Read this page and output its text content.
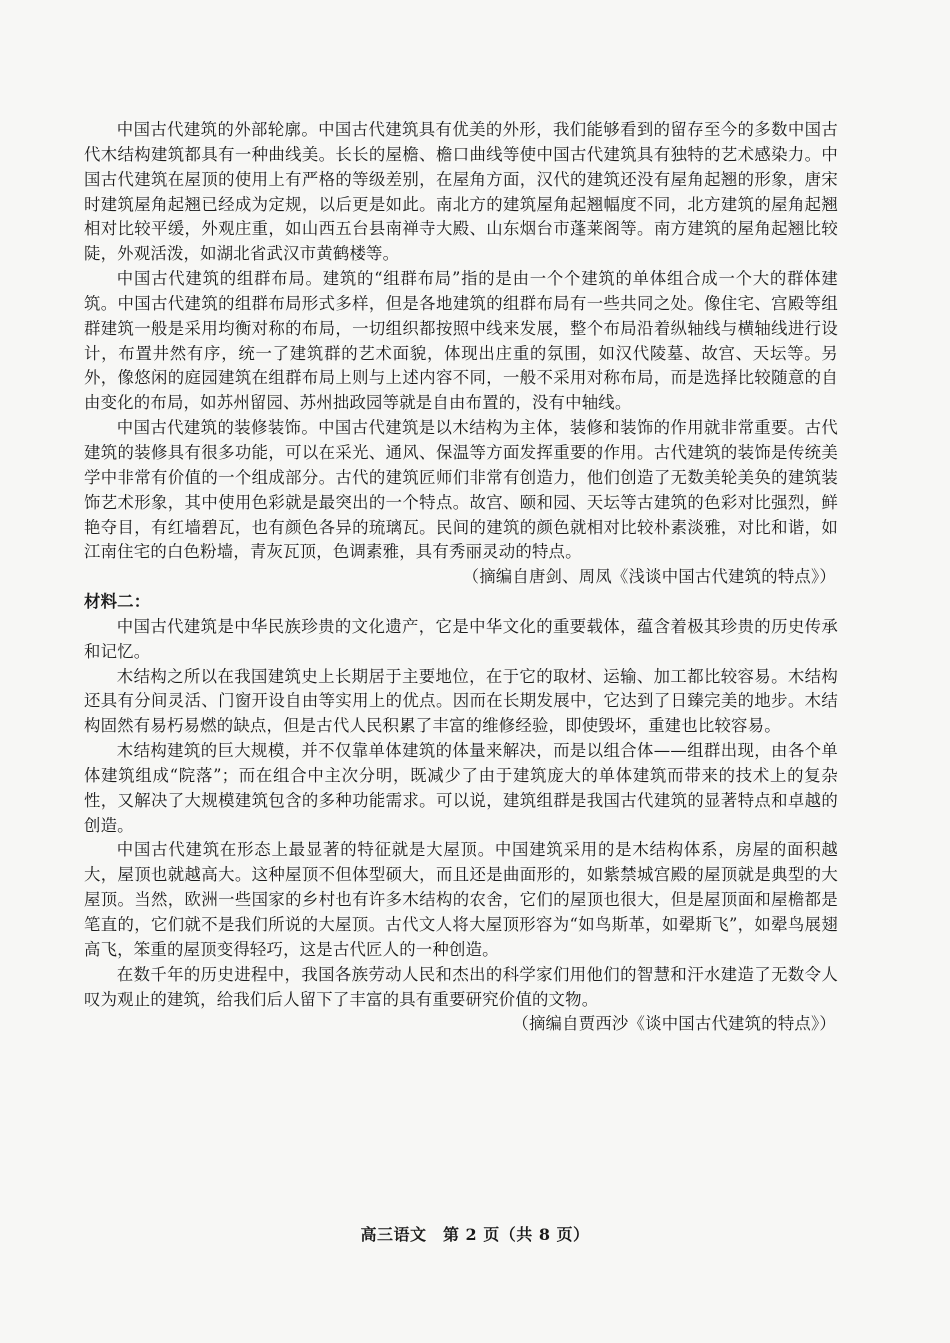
中国古代建筑的外部轮廓。中国古代建筑具有优美的外形，我们能够看到的留存至今的多数中国古代木结构建筑都具有一种曲线美。长长的屋檐、檐口曲线等使中国古代建筑具有独特的艺术感染力。中国古代建筑在屋顶的使用上有严格的等级差别，在屋角方面，汉代的建筑还没有屋角起翘的形象，唐宋时建筑屋角起翘已经成为定规，以后更是如此。南北方的建筑屋角起翘幅度不同，北方建筑的屋角起翘相对比较平缓，外观庄重，如山西五台县南禅寺大殿、山东烟台市蓬莱阁等。南方建筑的屋角起翘比较陡，外观活泼，如湖北省武汉市黄鹤楼等。

中国古代建筑的组群布局。建筑的“组群布局”指的是由一个个建筑的单体组合成一个大的群体建筑。中国古代建筑的组群布局形式多样，但是各地建筑的组群布局有一些共同之处。像住宅、宫殿等组群建筑一般是采用均衡对称的布局，一切组织都按照中线来发展，整个布局沿着纵轴线与横轴线进行设计，布置井然有序，统一了建筑群的艺术面貌，体现出庄重的氛围，如汉代陵墓、故宫、天坛等。另外，像悠闲的庭园建筑在组群布局上则与上述内容不同，一般不采用对称布局，而是选择比较随意的自由变化的布局，如苏州留园、苏州拙政园等就是自由布置的，没有中轴线。

中国古代建筑的装修装饰。中国古代建筑是以木结构为主体，装修和装饰的作用就非常重要。古代建筑的装修具有很多功能，可以在采光、通风、保温等方面发挥重要的作用。古代建筑的装饰是传统美学中非常有价值的一个组成部分。古代的建筑匠师们非常有创造力，他们创造了无数美轮美奂的建筑装饰艺术形象，其中使用色彩就是最突出的一个特点。故宫、颐和园、天坛等古建筑的色彩对比强烈，鲜艳夺目，有红墙碧瓦，也有颜色各异的琉璃瓦。民间的建筑的颜色就相对比较朴素淡雅，对比和谐，如江南住宅的白色粉墙，青灰瓦顶，色调素雅，具有秀丽灵动的特点。

（摘编自唐剑、周凤《浅谈中国古代建筑的特点》）

材料二：

中国古代建筑是中华民族珍贵的文化遗产，它是中华文化的重要载体，蕴含着极其珍贵的历史传承和记忆。

木结构之所以在我国建筑史上长期居于主要地位，在于它的取材、运输、加工都比较容易。木结构还具有分间灵活、门窗开设自由等实用上的优点。因而在长期发展中，它达到了日臻完美的地步。木结构固然有易朽易燃的缺点，但是古代人民积累了丰富的维修经验，即使毁坏，重建也比较容易。

木结构建筑的巨大规模，并不仅靠单体建筑的体量来解决，而是以组合体——组群出现，由各个单体建筑组成“院落”；而在组合中主次分明，既减少了由于建筑庞大的单体建筑而带来的技术上的复杂性，又解决了大规模建筑包含的多种功能需求。可以说，建筑组群是我国古代建筑的显著特点和卓越的创造。

中国古代建筑在形态上最显著的特征就是大屋顶。中国建筑采用的是木结构体系，房屋的面积越大，屋顶也就越高大。这种屋顶不但体型硕大，而且还是曲面形的，如紫禁城宫殿的屋顶就是典型的大屋顶。当然，欧洲一些国家的乡村也有许多木结构的农舍，它们的屋顶也很大，但是屋顶面和屋檐都是笔直的，它们就不是我们所说的大屋顶。古代文人将大屋顶形容为“如鸟斯革，如翚斯飞”，如翚鸟展翅高飞，笨重的屋顶变得轻巧，这是古代匠人的一种创造。

在数千年的历史进程中，我国各族劳动人民和杰出的科学家们用他们的智慧和汗水建造了无数令人叹为观止的建筑，给我们后人留下了丰富的具有重要研究价值的文物。

（摘编自贾西沙《谈中国古代建筑的特点》）

高三语文　第 2 页（共 8 页）
